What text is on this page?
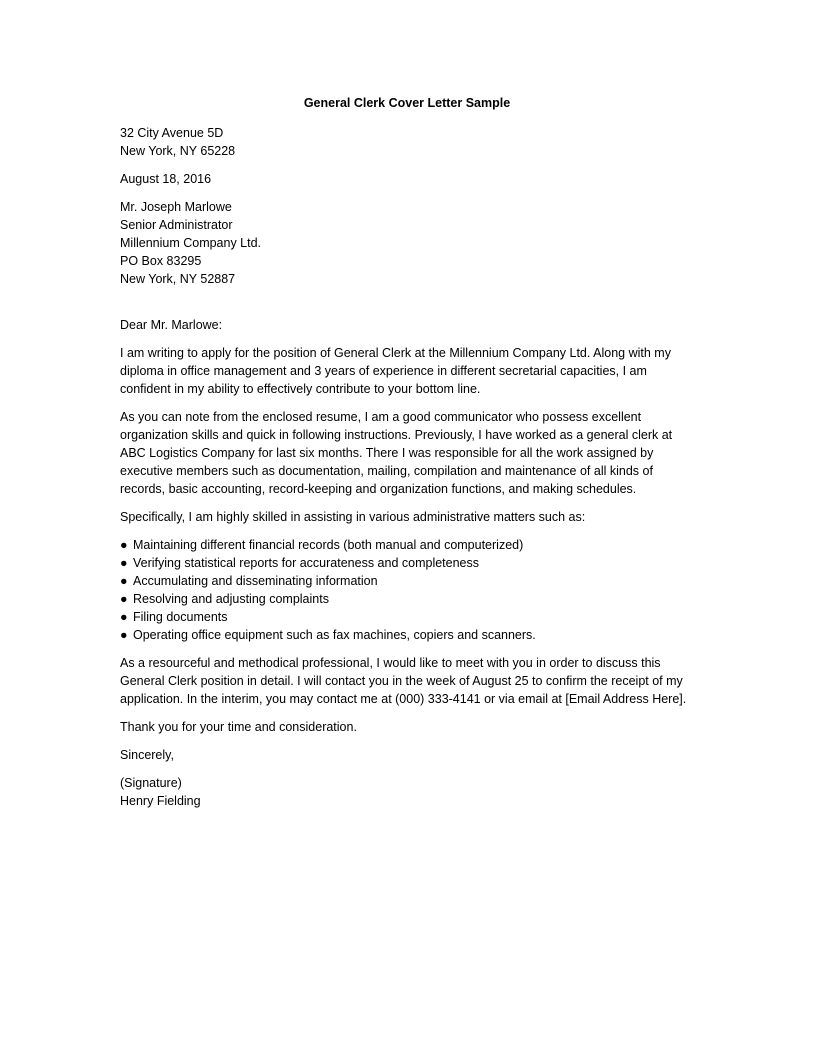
General Clerk Cover Letter Sample
32 City Avenue 5D
New York, NY 65228
August 18, 2016
Mr. Joseph Marlowe
Senior Administrator
Millennium Company Ltd.
PO Box 83295
New York, NY 52887
Dear Mr. Marlowe:

I am writing to apply for the position of General Clerk at the Millennium Company Ltd. Along with my diploma in office management and 3 years of experience in different secretarial capacities, I am confident in my ability to effectively contribute to your bottom line.

As you can note from the enclosed resume, I am a good communicator who possess excellent organization skills and quick in following instructions. Previously, I have worked as a general clerk at ABC Logistics Company for last six months. There I was responsible for all the work assigned by executive members such as documentation, mailing, compilation and maintenance of all kinds of records, basic accounting, record-keeping and organization functions, and making schedules.

Specifically, I am highly skilled in assisting in various administrative matters such as:

● Maintaining different financial records (both manual and computerized)
● Verifying statistical reports for accurateness and completeness
● Accumulating and disseminating information
● Resolving and adjusting complaints
● Filing documents
● Operating office equipment such as fax machines, copiers and scanners.

As a resourceful and methodical professional, I would like to meet with you in order to discuss this General Clerk position in detail. I will contact you in the week of August 25 to confirm the receipt of my application. In the interim, you may contact me at (000) 333-4141 or via email at [Email Address Here].

Thank you for your time and consideration.

Sincerely,
(Signature)
Henry Fielding
